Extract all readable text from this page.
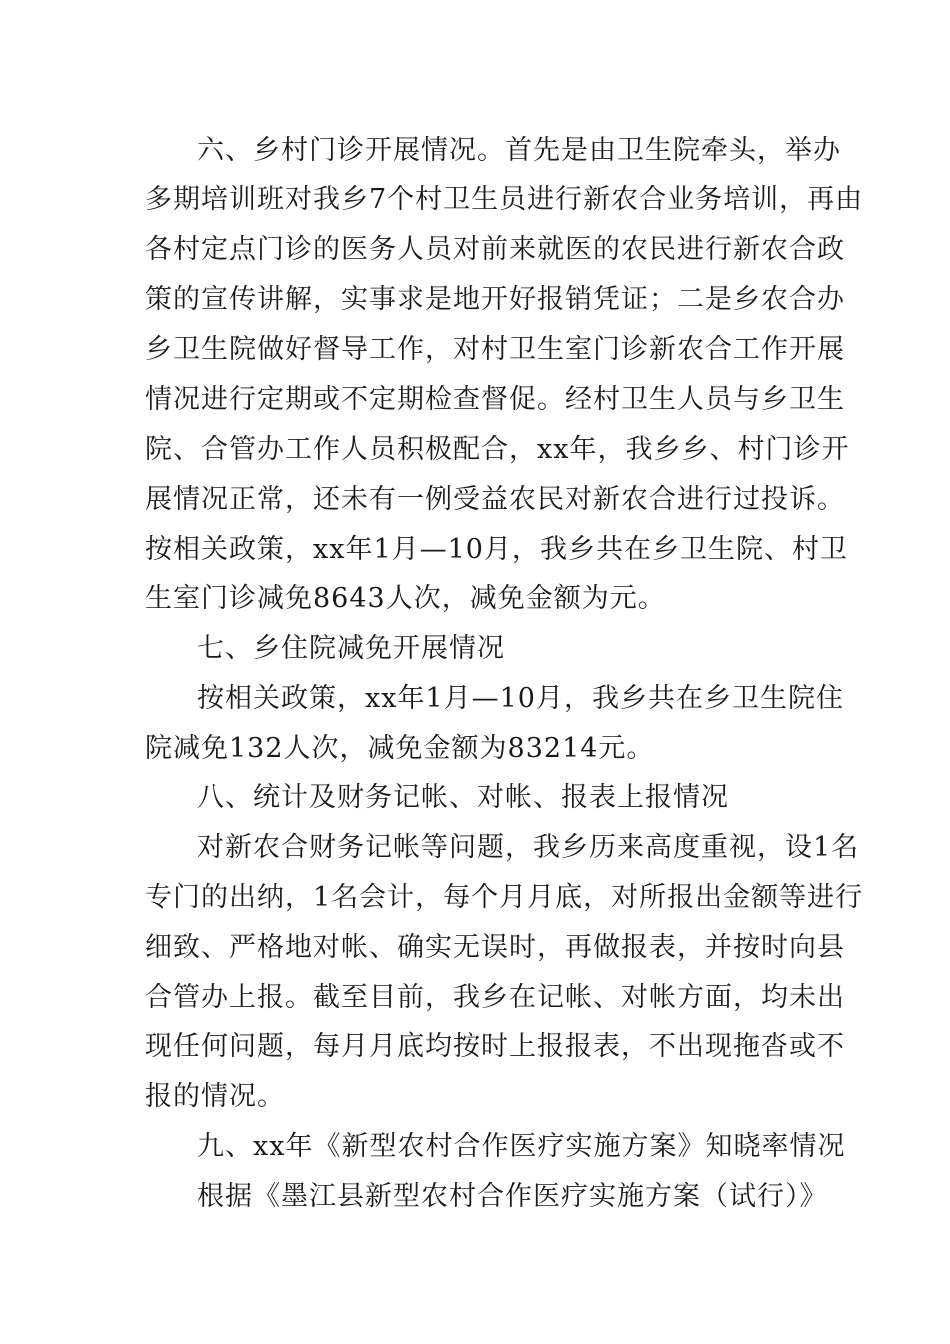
六、乡村门诊开展情况。首先是由卫生院牵头，举办
多期培训班对我乡7个村卫生员进行新农合业务培训，再由
各村定点门诊的医务人员对前来就医的农民进行新农合政
策的宣传讲解，实事求是地开好报销凭证；二是乡农合办
乡卫生院做好督导工作，对村卫生室门诊新农合工作开展
情况进行定期或不定期检查督促。经村卫生人员与乡卫生
院、合管办工作人员积极配合，xx年，我乡乡、村门诊开
展情况正常，还未有一例受益农民对新农合进行过投诉。
按相关政策，xx年1月—10月，我乡共在乡卫生院、村卫
生室门诊减免8643人次，减免金额为元。
七、乡住院减免开展情况
按相关政策，xx年1月—10月，我乡共在乡卫生院住
院减免132人次，减免金额为83214元。
八、统计及财务记帐、对帐、报表上报情况
对新农合财务记帐等问题，我乡历来高度重视，设1名
专门的出纳，1名会计，每个月月底，对所报出金额等进行
细致、严格地对帐、确实无误时，再做报表，并按时向县
合管办上报。截至目前，我乡在记帐、对帐方面，均未出
现任何问题，每月月底均按时上报报表，不出现拖沓或不
报的情况。
九、xx年《新型农村合作医疗实施方案》知晓率情况
根据《墨江县新型农村合作医疗实施方案（试行）》
